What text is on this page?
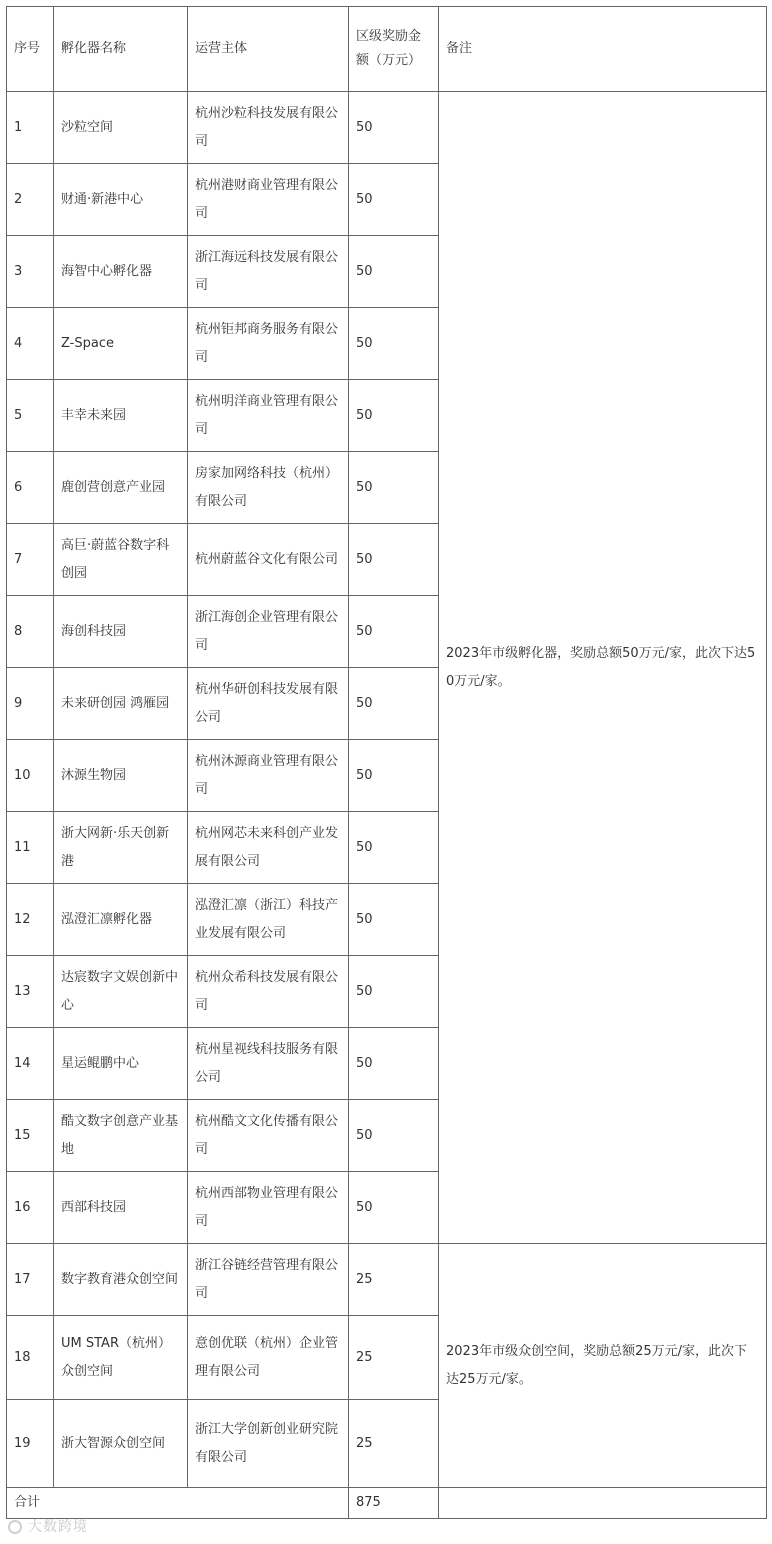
序号	孵化器名称	运营主体	区级奖励金额（万元）	备注
1	沙粒空间	杭州沙粒科技发展有限公司	50	2023年市级孵化器，奖励总额50万元/家，此次下达50万元/家。
2	财通·新港中心	杭州港财商业管理有限公司	50	
3	海智中心孵化器	浙江海远科技发展有限公司	50	
4	Z-Space	杭州钜邦商务服务有限公司	50	
5	丰幸未来园	杭州明洋商业管理有限公司	50	
6	鹿创营创意产业园	房家加网络科技（杭州）有限公司	50	
7	高巨·蔚蓝谷数字科创园	杭州蔚蓝谷文化有限公司	50	
8	海创科技园	浙江海创企业管理有限公司	50	
9	未来研创园 鸿雁园	杭州华研创科技发展有限公司	50	
10	沐源生物园	杭州沐源商业管理有限公司	50	
11	浙大网新·乐天创新港	杭州网芯未来科创产业发展有限公司	50	
12	泓澄汇凛孵化器	泓澄汇凛（浙江）科技产业发展有限公司	50	
13	达宸数字文娱创新中心	杭州众希科技发展有限公司	50	
14	星运鲲鹏中心	杭州星视线科技服务有限公司	50	
15	酷文数字创意产业基地	杭州酷文文化传播有限公司	50	
16	西部科技园	杭州西部物业管理有限公司	50	
17	数字教育港众创空间	浙江谷链经营管理有限公司	25	2023年市级众创空间，奖励总额25万元/家，此次下达25万元/家。
18	UM STAR（杭州）众创空间	意创优联（杭州）企业管理有限公司	25	
19	浙大智源众创空间	浙江大学创新创业研究院有限公司	25	
合计			875	
大数跨境
